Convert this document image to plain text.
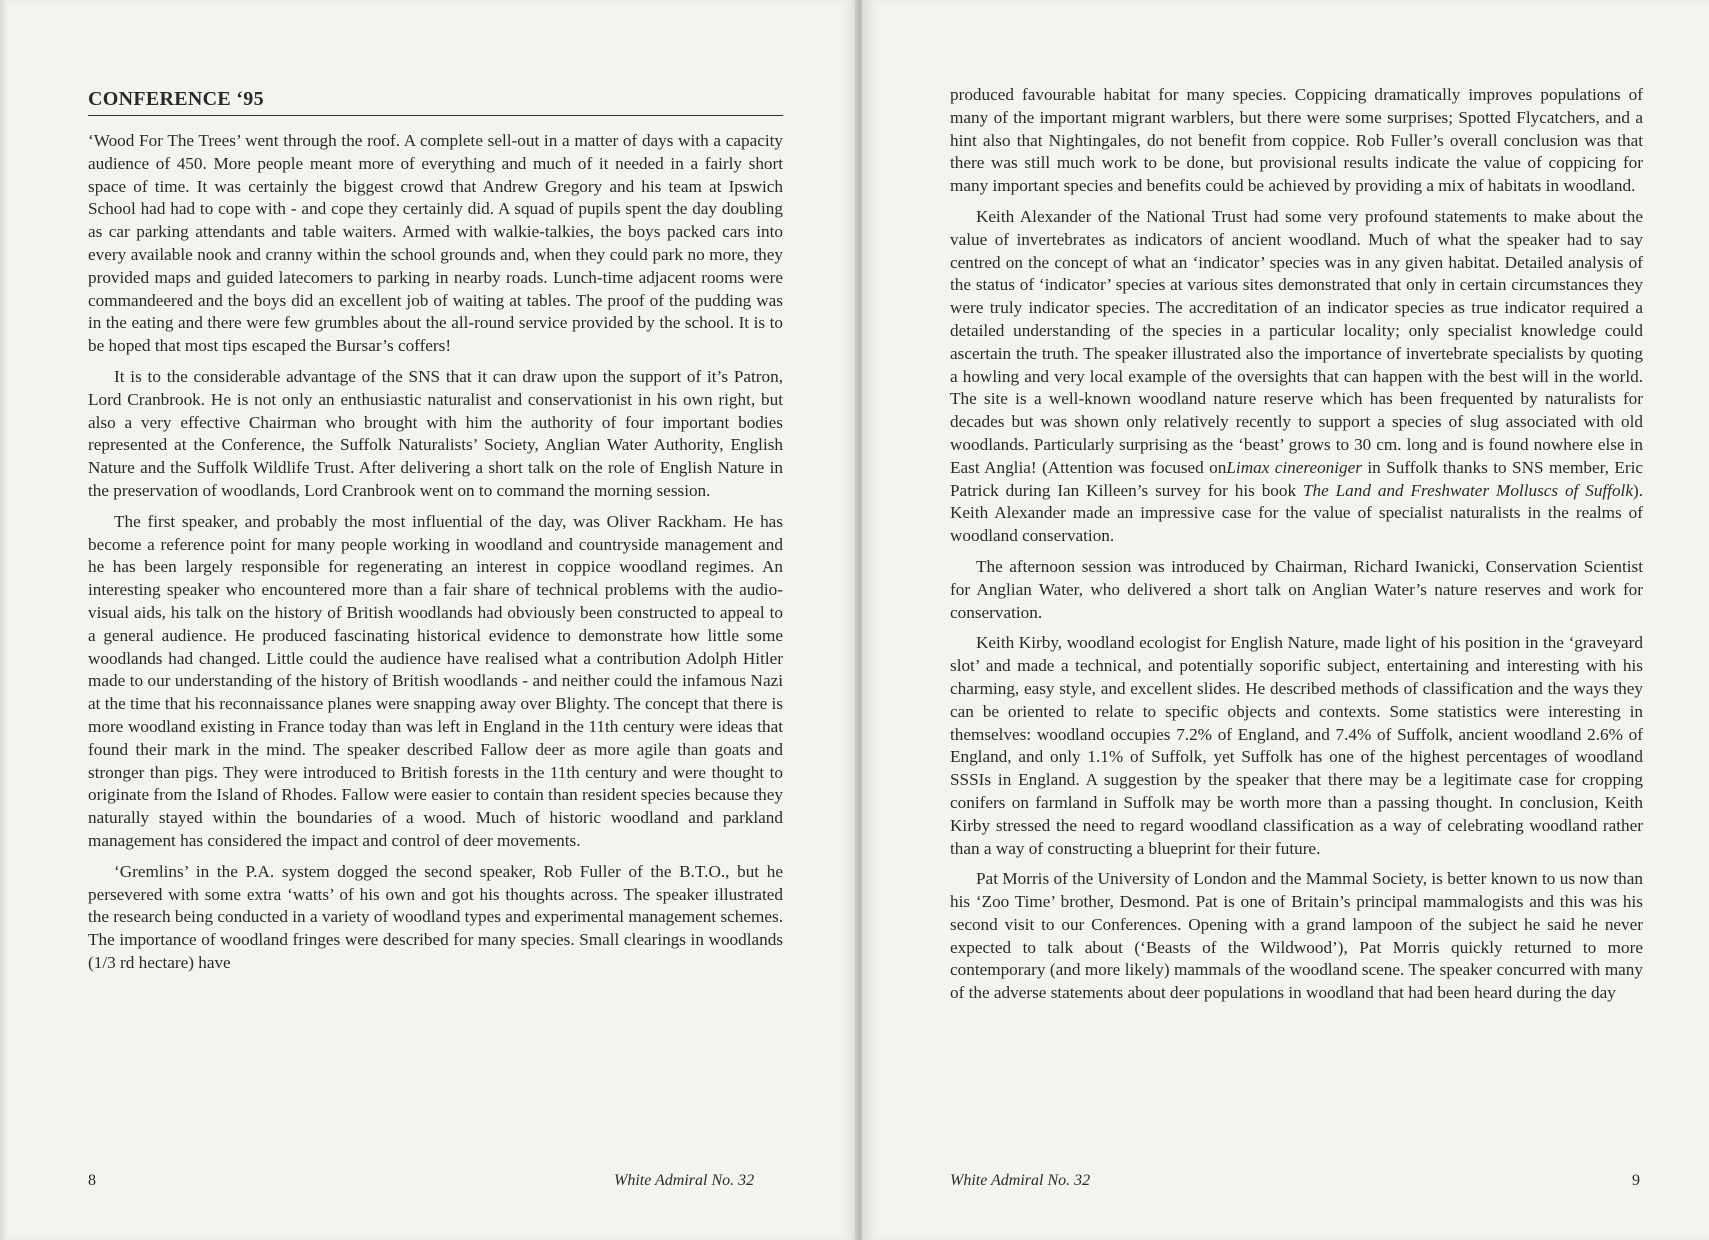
CONFERENCE ‘95

‘Wood For The Trees’ went through the roof. A complete sell-out in a matter of days with a capacity audience of 450. More people meant more of everything and much of it needed in a fairly short space of time. It was certainly the biggest crowd that Andrew Gregory and his team at Ipswich School had had to cope with - and cope they certainly did. A squad of pupils spent the day doubling as car parking attendants and table waiters. Armed with walkie-talkies, the boys packed cars into every available nook and cranny within the school grounds and, when they could park no more, they provided maps and guided latecomers to parking in nearby roads. Lunch-time adjacent rooms were commandeered and the boys did an excellent job of waiting at tables. The proof of the pudding was in the eating and there were few grumbles about the all-round service provided by the school. It is to be hoped that most tips escaped the Bursar’s coffers!

It is to the considerable advantage of the SNS that it can draw upon the support of it’s Patron, Lord Cranbrook. He is not only an enthusiastic naturalist and conservationist in his own right, but also a very effective Chairman who brought with him the authority of four important bodies represented at the Conference, the Suffolk Naturalists’ Society, Anglian Water Authority, English Nature and the Suffolk Wildlife Trust. After delivering a short talk on the role of English Nature in the preservation of woodlands, Lord Cranbrook went on to command the morning session.

The first speaker, and probably the most influential of the day, was Oliver Rackham. He has become a reference point for many people working in woodland and countryside management and he has been largely responsible for regenerating an interest in coppice woodland regimes. An interesting speaker who encountered more than a fair share of technical problems with the audio-visual aids, his talk on the history of British woodlands had obviously been constructed to appeal to a general audience. He produced fascinating historical evidence to demonstrate how little some woodlands had changed. Little could the audience have realised what a contribution Adolph Hitler made to our understanding of the history of British woodlands - and neither could the infamous Nazi at the time that his reconnaissance planes were snapping away over Blighty. The concept that there is more woodland existing in France today than was left in England in the 11th century were ideas that found their mark in the mind. The speaker described Fallow deer as more agile than goats and stronger than pigs. They were introduced to British forests in the 11th century and were thought to originate from the Island of Rhodes. Fallow were easier to contain than resident species because they naturally stayed within the boundaries of a wood. Much of historic woodland and parkland management has considered the impact and control of deer movements.

‘Gremlins’ in the P.A. system dogged the second speaker, Rob Fuller of the B.T.O., but he persevered with some extra ‘watts’ of his own and got his thoughts across. The speaker illustrated the research being conducted in a variety of woodland types and experimental management schemes. The importance of woodland fringes were described for many species. Small clearings in woodlands (1/3 rd hectare) have

8	White Admiral No. 32

produced favourable habitat for many species. Coppicing dramatically improves populations of many of the important migrant warblers, but there were some surprises; Spotted Flycatchers, and a hint also that Nightingales, do not benefit from coppice. Rob Fuller’s overall conclusion was that there was still much work to be done, but provisional results indicate the value of coppicing for many important species and benefits could be achieved by providing a mix of habitats in woodland.

Keith Alexander of the National Trust had some very profound statements to make about the value of invertebrates as indicators of ancient woodland. Much of what the speaker had to say centred on the concept of what an ‘indicator’ species was in any given habitat. Detailed analysis of the status of ‘indicator’ species at various sites demonstrated that only in certain circumstances they were truly indicator species. The accreditation of an indicator species as true indicator required a detailed understanding of the species in a particular locality; only specialist knowledge could ascertain the truth. The speaker illustrated also the importance of invertebrate specialists by quoting a howling and very local example of the oversights that can happen with the best will in the world. The site is a well-known woodland nature reserve which has been frequented by naturalists for decades but was shown only relatively recently to support a species of slug associated with old woodlands. Particularly surprising as the ‘beast’ grows to 30 cm. long and is found nowhere else in East Anglia! (Attention was focused onLimax cinereoniger in Suffolk thanks to SNS member, Eric Patrick during Ian Killeen’s survey for his book The Land and Freshwater Molluscs of Suffolk). Keith Alexander made an impressive case for the value of specialist naturalists in the realms of woodland conservation.

The afternoon session was introduced by Chairman, Richard Iwanicki, Conservation Scientist for Anglian Water, who delivered a short talk on Anglian Water’s nature reserves and work for conservation.

Keith Kirby, woodland ecologist for English Nature, made light of his position in the ‘graveyard slot’ and made a technical, and potentially soporific subject, entertaining and interesting with his charming, easy style, and excellent slides. He described methods of classification and the ways they can be oriented to relate to specific objects and contexts. Some statistics were interesting in themselves: woodland occupies 7.2% of England, and 7.4% of Suffolk, ancient woodland 2.6% of England, and only 1.1% of Suffolk, yet Suffolk has one of the highest percentages of woodland SSSIs in England. A suggestion by the speaker that there may be a legitimate case for cropping conifers on farmland in Suffolk may be worth more than a passing thought. In conclusion, Keith Kirby stressed the need to regard woodland classification as a way of celebrating woodland rather than a way of constructing a blueprint for their future.

Pat Morris of the University of London and the Mammal Society, is better known to us now than his ‘Zoo Time’ brother, Desmond. Pat is one of Britain’s principal mammalogists and this was his second visit to our Conferences. Opening with a grand lampoon of the subject he said he never expected to talk about (‘Beasts of the Wildwood’), Pat Morris quickly returned to more contemporary (and more likely) mammals of the woodland scene. The speaker concurred with many of the adverse statements about deer populations in woodland that had been heard during the day

White Admiral No. 32	9
